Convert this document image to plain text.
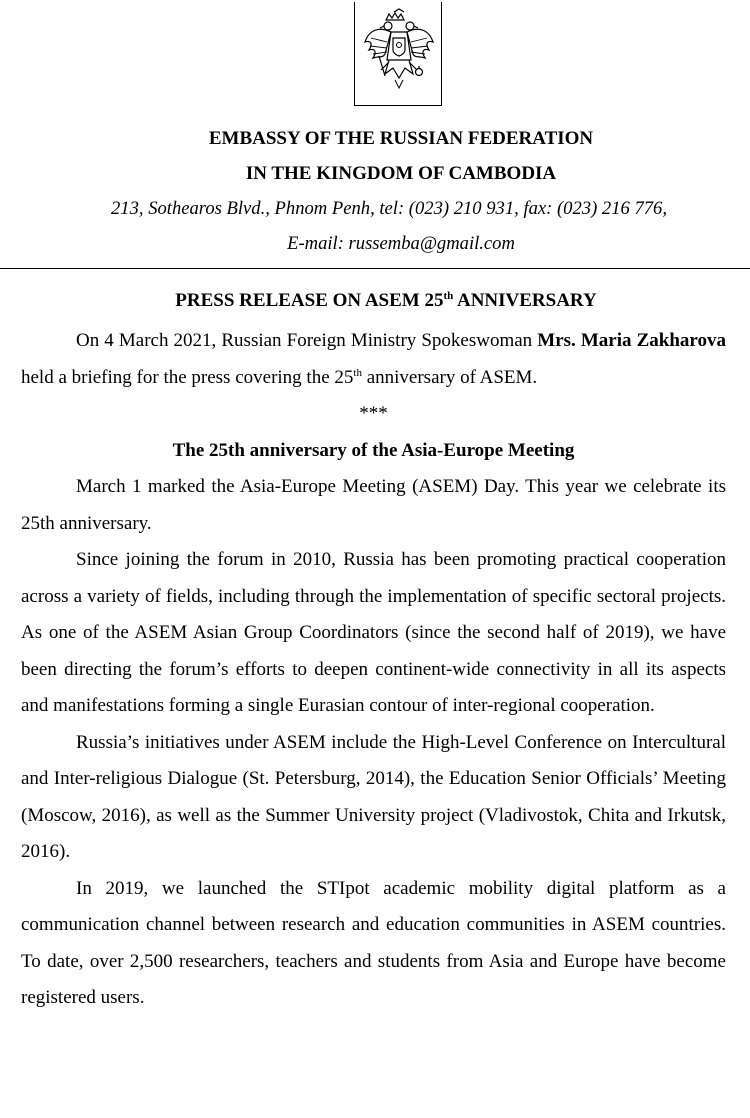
EMBASSY OF THE RUSSIAN FEDERATION
IN THE KINGDOM OF CAMBODIA
213, Sothearos Blvd., Phnom Penh, tel: (023) 210 931, fax: (023) 216 776,
E-mail: russemba@gmail.com
PRESS RELEASE ON ASEM 25th ANNIVERSARY

On 4 March 2021, Russian Foreign Ministry Spokeswoman Mrs. Maria Zakharova held a briefing for the press covering the 25th anniversary of ASEM.

***

The 25th anniversary of the Asia-Europe Meeting

March 1 marked the Asia-Europe Meeting (ASEM) Day. This year we celebrate its 25th anniversary.

Since joining the forum in 2010, Russia has been promoting practical cooperation across a variety of fields, including through the implementation of specific sectoral projects. As one of the ASEM Asian Group Coordinators (since the second half of 2019), we have been directing the forum’s efforts to deepen continent-wide connectivity in all its aspects and manifestations forming a single Eurasian contour of inter-regional cooperation.

Russia’s initiatives under ASEM include the High-Level Conference on Intercultural and Inter-religious Dialogue (St. Petersburg, 2014), the Education Senior Officials’ Meeting (Moscow, 2016), as well as the Summer University project (Vladivostok, Chita and Irkutsk, 2016).

In 2019, we launched the STIpot academic mobility digital platform as a communication channel between research and education communities in ASEM countries. To date, over 2,500 researchers, teachers and students from Asia and Europe have become registered users.
